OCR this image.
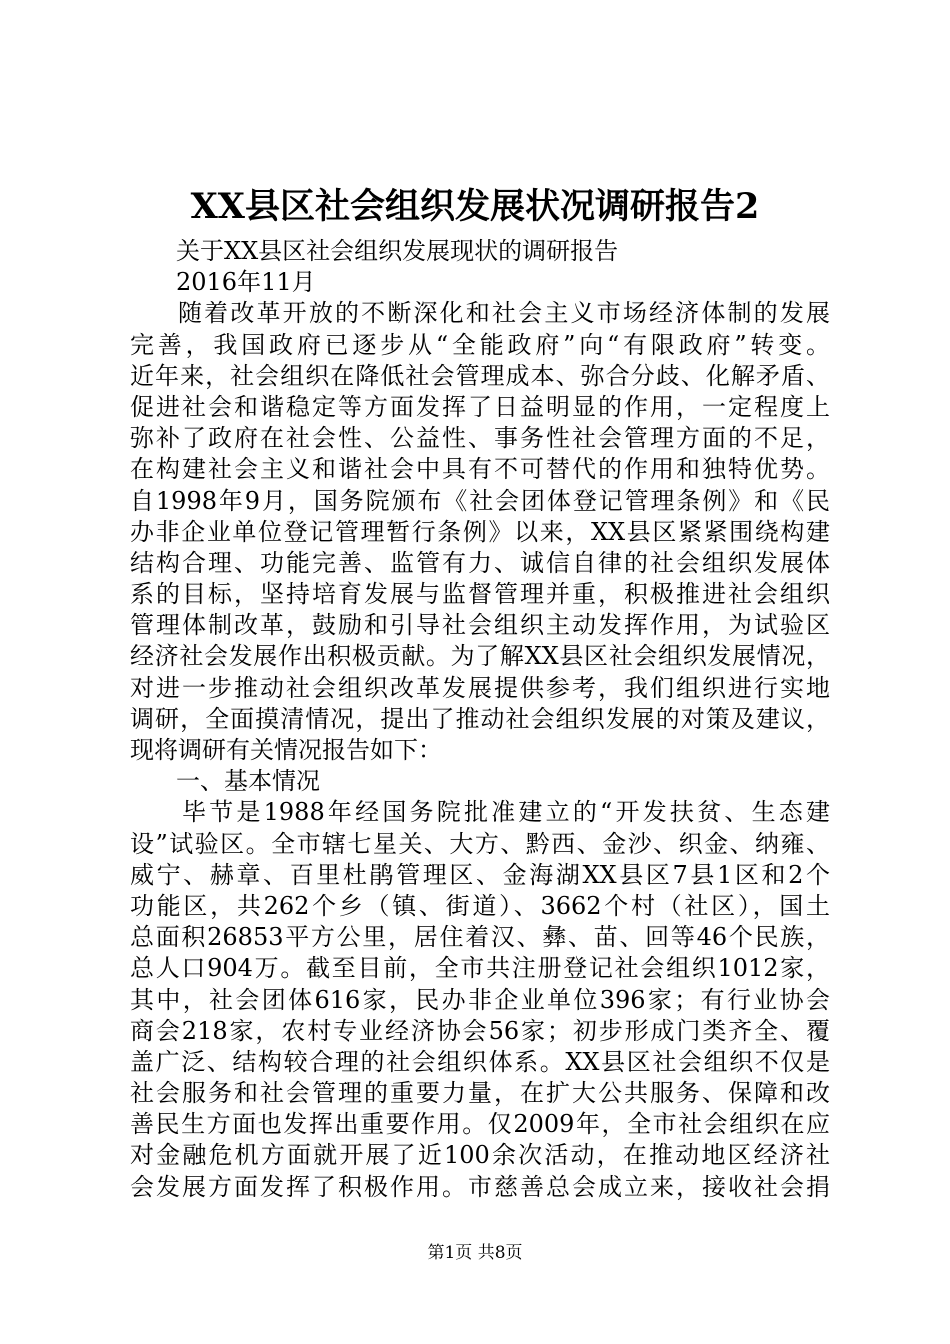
XX县区社会组织发展状况调研报告2
关于XX县区社会组织发展现状的调研报告
2016年11月
随着改革开放的不断深化和社会主义市场经济体制的发展
完善，我国政府已逐步从“全能政府”向“有限政府”转变。
近年来，社会组织在降低社会管理成本、弥合分歧、化解矛盾、
促进社会和谐稳定等方面发挥了日益明显的作用，一定程度上
弥补了政府在社会性、公益性、事务性社会管理方面的不足，
在构建社会主义和谐社会中具有不可替代的作用和独特优势。
自1998年9月，国务院颁布《社会团体登记管理条例》和《民
办非企业单位登记管理暂行条例》以来，XX县区紧紧围绕构建
结构合理、功能完善、监管有力、诚信自律的社会组织发展体
系的目标，坚持培育发展与监督管理并重，积极推进社会组织
管理体制改革，鼓励和引导社会组织主动发挥作用，为试验区
经济社会发展作出积极贡献。为了解XX县区社会组织发展情况，
对进一步推动社会组织改革发展提供参考，我们组织进行实地
调研，全面摸清情况，提出了推动社会组织发展的对策及建议，
现将调研有关情况报告如下：
一、基本情况
毕节是1988年经国务院批准建立的“开发扶贫、生态建
设”试验区。全市辖七星关、大方、黔西、金沙、织金、纳雍、
威宁、赫章、百里杜鹃管理区、金海湖XX县区7县1区和2个
功能区，共262个乡（镇、街道）、3662个村（社区），国土
总面积26853平方公里，居住着汉、彝、苗、回等46个民族，
总人口904万。截至目前，全市共注册登记社会组织1012家，
其中，社会团体616家，民办非企业单位396家；有行业协会
商会218家，农村专业经济协会56家；初步形成门类齐全、覆
盖广泛、结构较合理的社会组织体系。XX县区社会组织不仅是
社会服务和社会管理的重要力量，在扩大公共服务、保障和改
善民生方面也发挥出重要作用。仅2009年，全市社会组织在应
对金融危机方面就开展了近100余次活动，在推动地区经济社
会发展方面发挥了积极作用。市慈善总会成立来，接收社会捐
第1页 共8页
